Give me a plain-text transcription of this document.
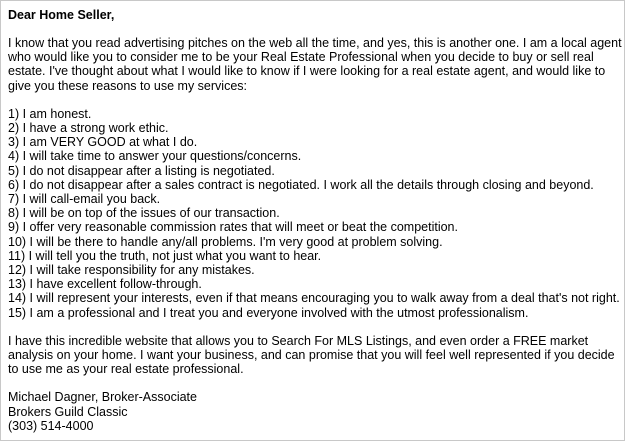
Dear Home Seller,

I know that you read advertising pitches on the web all the time, and yes, this is another one. I am a local agent who would like you to consider me to be your Real Estate Professional when you decide to buy or sell real estate. I've thought about what I would like to know if I were looking for a real estate agent, and would like to give you these reasons to use my services:

1) I am honest.
2) I have a strong work ethic.
3) I am VERY GOOD at what I do.
4) I will take time to answer your questions/concerns.
5) I do not disappear after a listing is negotiated.
6) I do not disappear after a sales contract is negotiated. I work all the details through closing and beyond.
7) I will call-email you back.
8) I will be on top of the issues of our transaction.
9) I offer very reasonable commission rates that will meet or beat the competition.
10) I will be there to handle any/all problems. I'm very good at problem solving.
11) I will tell you the truth, not just what you want to hear.
12) I will take responsibility for any mistakes.
13) I have excellent follow-through.
14) I will represent your interests, even if that means encouraging you to walk away from a deal that's not right.
15) I am a professional and I treat you and everyone involved with the utmost professionalism.

I have this incredible website that allows you to Search For MLS Listings, and even order a FREE market analysis on your home. I want your business, and can promise that you will feel well represented if you decide to use me as your real estate professional.

Michael Dagner, Broker-Associate
Brokers Guild Classic
(303) 514-4000
